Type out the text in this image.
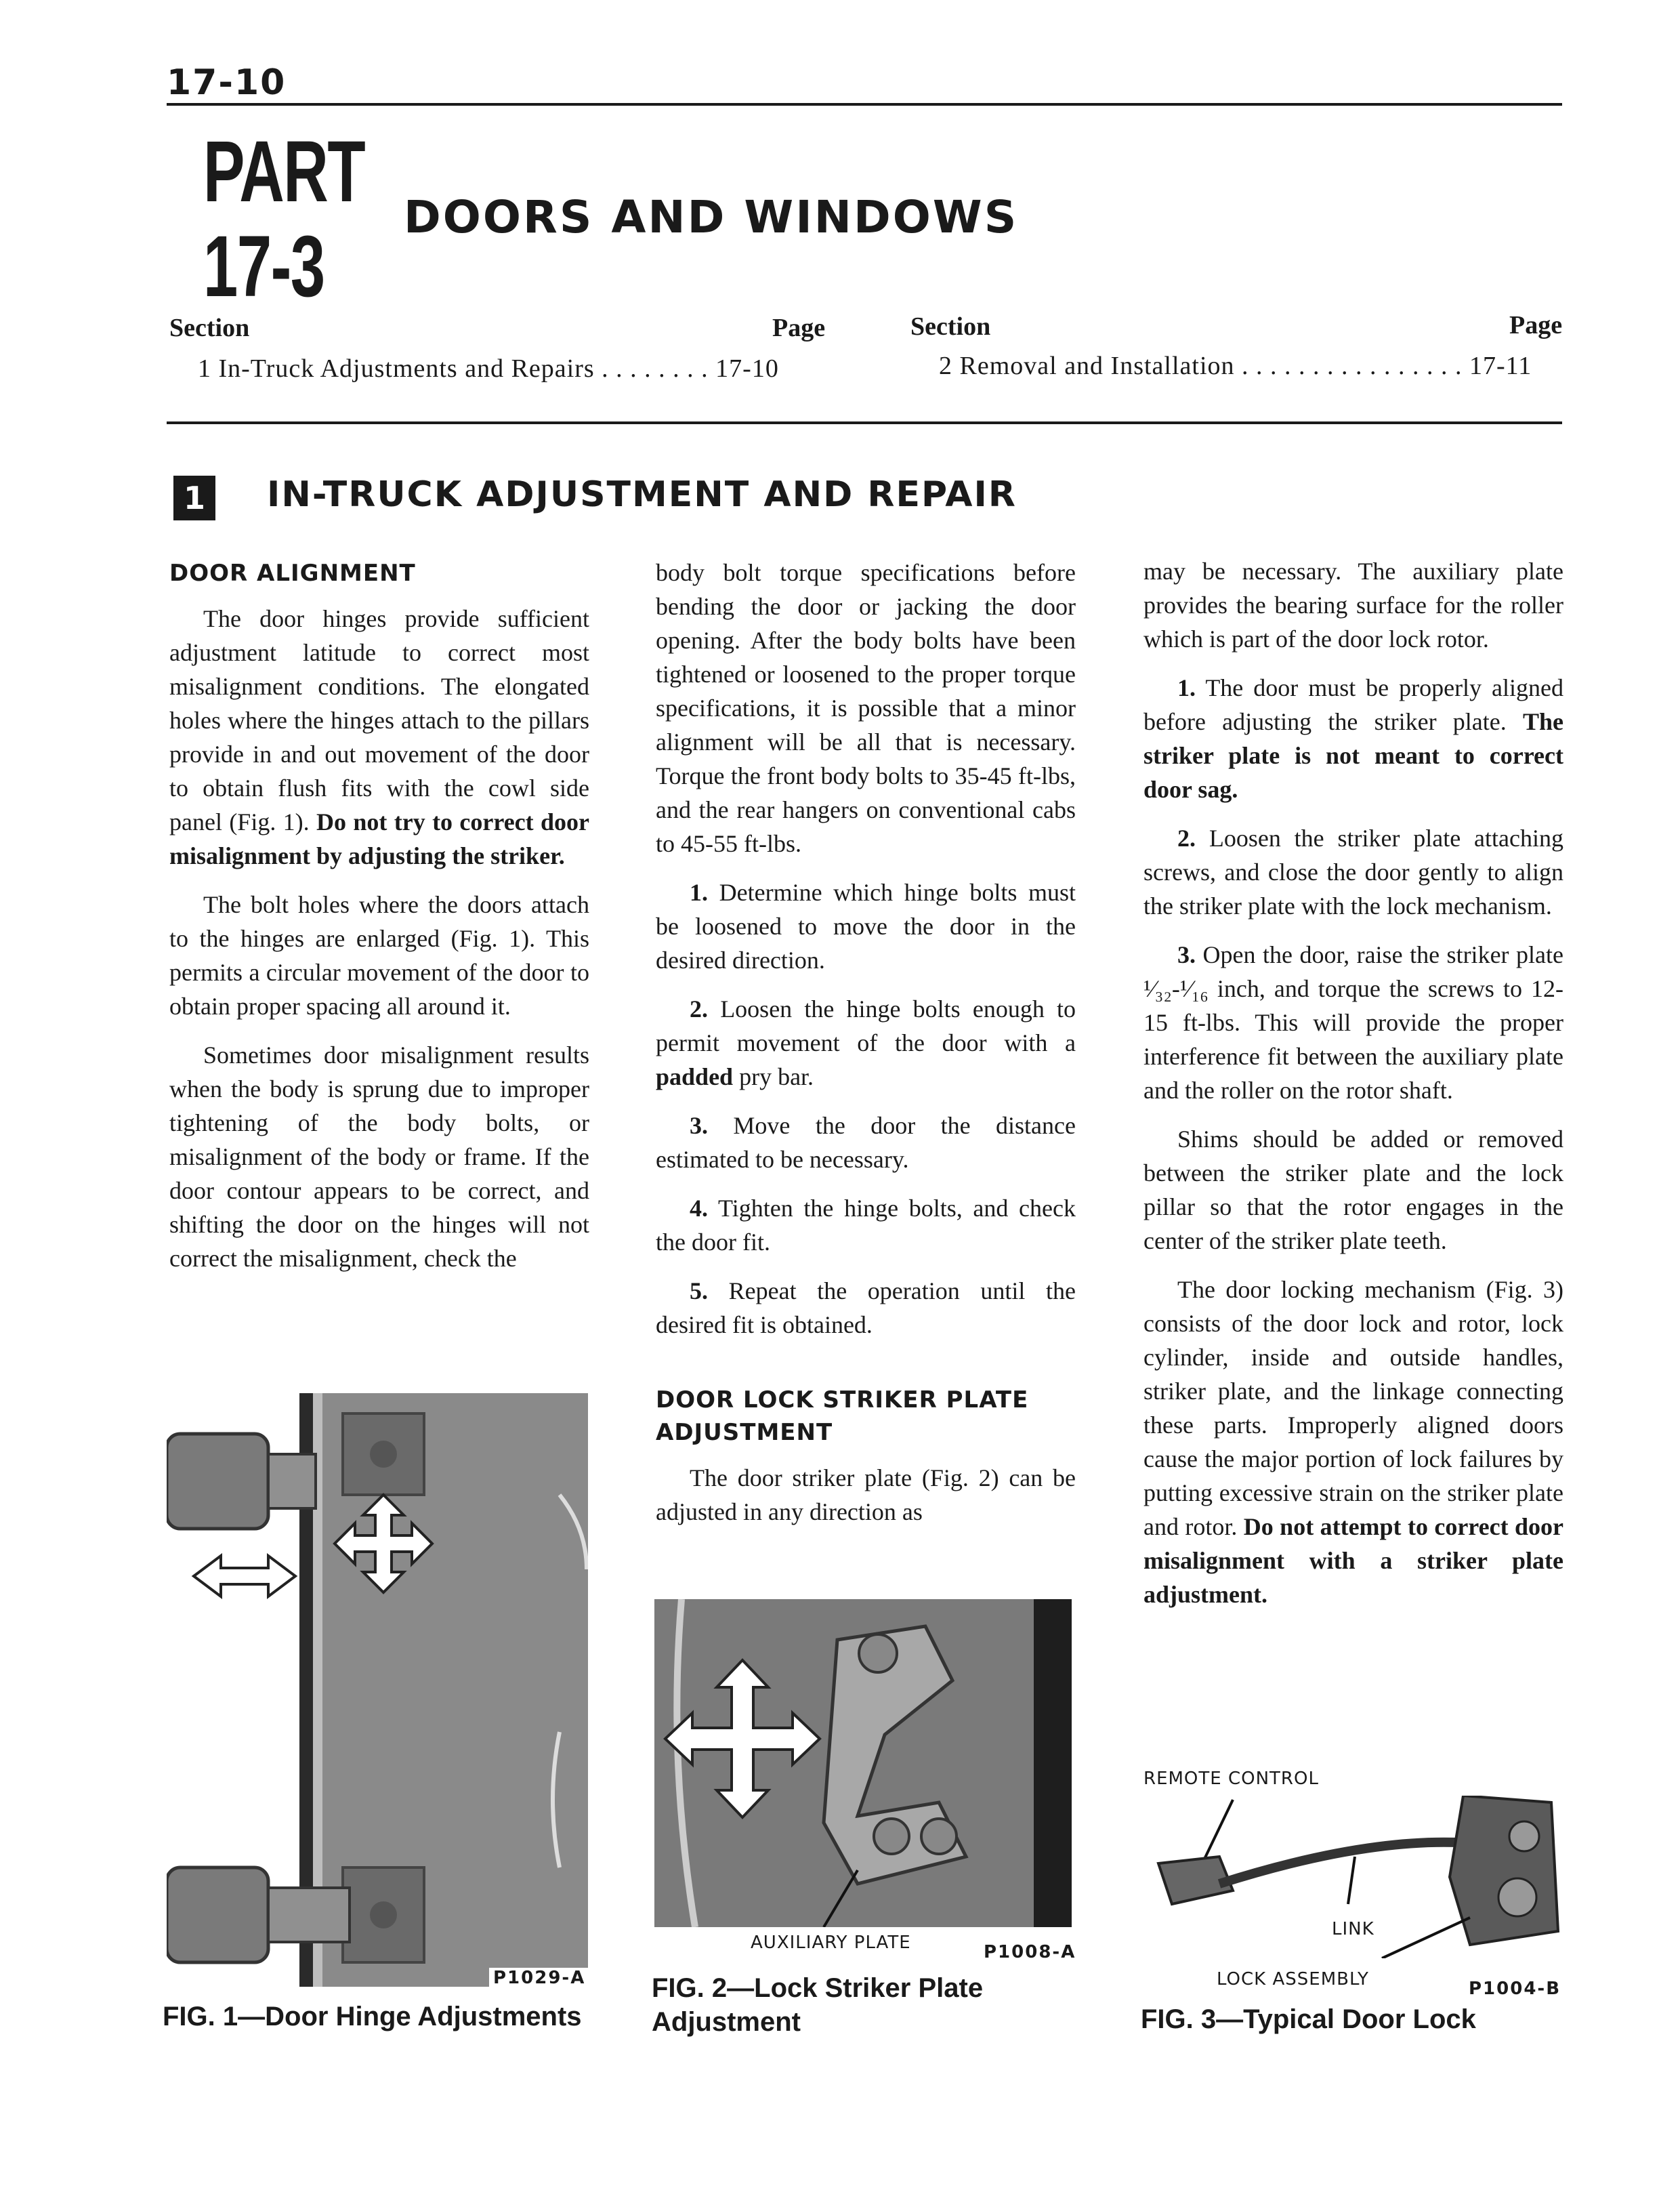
17-10
PART
17-3
DOORS AND WINDOWS
Section	Page
1 In-Truck Adjustments and Repairs . . . . . . . . 17-10
Section	Page
2 Removal and Installation . . . . . . . . . . . . . . . . 17-11
1 IN-TRUCK ADJUSTMENT AND REPAIR
DOOR ALIGNMENT

The door hinges provide sufficient adjustment latitude to correct most misalignment conditions. The elongated holes where the hinges attach to the pillars provide in and out movement of the door to obtain flush fits with the cowl side panel (Fig. 1). Do not try to correct door misalignment by adjusting the striker.

The bolt holes where the doors attach to the hinges are enlarged (Fig. 1). This permits a circular movement of the door to obtain proper spacing all around it.

Sometimes door misalignment results when the body is sprung due to improper tightening of the body bolts, or misalignment of the body or frame. If the door contour appears to be correct, and shifting the door on the hinges will not correct the misalignment, check the

body bolt torque specifications before bending the door or jacking the door opening. After the body bolts have been tightened or loosened to the proper torque specifications, it is possible that a minor alignment will be all that is necessary. Torque the front body bolts to 35-45 ft-lbs, and the rear hangers on conventional cabs to 45-55 ft-lbs.

1. Determine which hinge bolts must be loosened to move the door in the desired direction.

2. Loosen the hinge bolts enough to permit movement of the door with a padded pry bar.

3. Move the door the distance estimated to be necessary.

4. Tighten the hinge bolts, and check the door fit.

5. Repeat the operation until the desired fit is obtained.

DOOR LOCK STRIKER PLATE ADJUSTMENT

The door striker plate (Fig. 2) can be adjusted in any direction as

may be necessary. The auxiliary plate provides the bearing surface for the roller which is part of the door lock rotor.

1. The door must be properly aligned before adjusting the striker plate. The striker plate is not meant to correct door sag.

2. Loosen the striker plate attaching screws, and close the door gently to align the striker plate with the lock mechanism.

3. Open the door, raise the striker plate ¹⁄₃₂-¹⁄₁₆ inch, and torque the screws to 12-15 ft-lbs. This will provide the proper interference fit between the auxiliary plate and the roller on the rotor shaft.

Shims should be added or removed between the striker plate and the lock pillar so that the rotor engages in the center of the striker plate teeth.

The door locking mechanism (Fig. 3) consists of the door lock and rotor, lock cylinder, inside and outside handles, striker plate, and the linkage connecting these parts. Improperly aligned doors cause the major portion of lock failures by putting excessive strain on the striker plate and rotor. Do not attempt to correct door misalignment with a striker plate adjustment.

P1029-A
FIG. 1—Door Hinge Adjustments
AUXILIARY PLATE	P1008-A
FIG. 2—Lock Striker Plate
Adjustment
REMOTE CONTROL
LINK
LOCK ASSEMBLY	P1004-B
FIG. 3—Typical Door Lock
